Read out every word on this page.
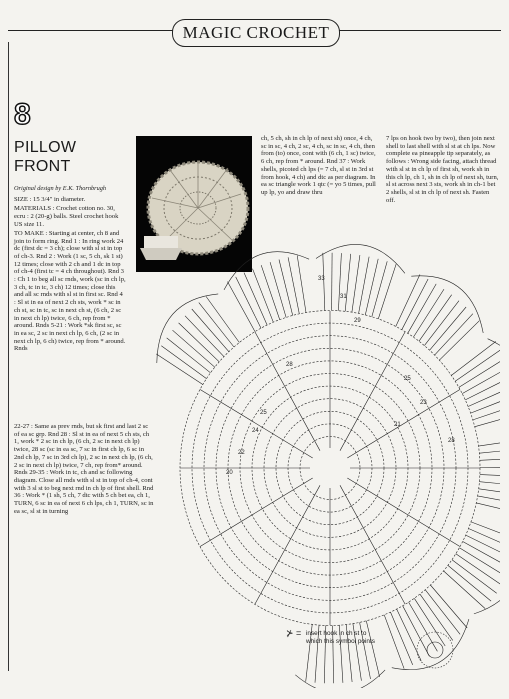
MAGIC CROCHET
8
PILLOW
FRONT
Original design by E.K. Thornbrugh

SIZE : 15 3/4" in diameter.

MATERIALS : Crochet cotton no. 30, ecru : 2 (20-g) balls. Steel crochet hook US size 11.

TO MAKE : Starting at center, ch 8 and join to form ring. Rnd 1 : In ring work 24 dc (first dc = 3 ch); close with sl st in top of ch-3. Rnd 2 : Work (1 sc, 5 ch, sk 1 st) 12 times; close with 2 ch and 1 dc in top of ch-4 (first tc = 4 ch throughout). Rnd 3 : Ch 1 to beg all sc rnds, work (sc in ch lp, 3 ch, tc in tc, 3 ch) 12 times; close this and all sc rnds with sl st in first sc. Rnd 4 : Sl st in ea of next 2 ch sts, work * sc in ch st, sc in tc, sc in next ch st, (6 ch, 2 sc in next ch lp) twice, 6 ch, rep from * around. Rnds 5-21 : Work *sk first sc, sc in ea sc, 2 sc in next ch lp, 6 ch, (2 sc in next ch lp, 6 ch) twice, rep from * around. Rnds

22-27 : Same as prev rnds, but sk first and last 2 sc of ea sc grp. Rnd 28 : Sl st in ea of next 5 ch sts, ch 1, work * 2 sc in ch lp, (6 ch, 2 sc in next ch lp) twice, 28 sc (sc in ea sc, 7 sc in first ch lp, 6 sc in 2nd ch lp, 7 sc in 3rd ch lp), 2 sc in next ch lp, (6 ch, 2 sc in next ch lp) twice, 7 ch, rep from* around. Rnds 29-35 : Work in tc, ch and sc following diagram. Close all rnds with sl st in top of ch-4, cont with 3 sl st to beg next rnd in ch lp of first shell. Rnd 36 : Work * (1 sh, 5 ch, 7 dtc with 5 ch bet ea, ch 1, TURN, 6 sc in ea of next 6 ch lps, ch 1, TURN, sc in ea sc, sl st in turning

ch, 5 ch, sh in ch lp of next sh) once, 4 ch, sc in sc, 4 ch, 2 sc, 4 ch, sc in sc, 4 ch, then from (to) once, cont with (6 ch, 1 sc) twice, 6 ch, rep from * around. Rnd 37 : Work shells, picoted ch lps (= 7 ch, sl st in 3rd st from hook, 4 ch) and dtc as per diagram. In ea sc triangle work 1 qtc (= yo 5 times, pull up lp, yo and draw thru

7 lps on hook two by two), then join next shell to last shell with sl st at ch lps. Now complete ea pineapple tip separately, as follows : Wrong side facing, attach thread with sl st in ch lp of first sh, work sh in this ch lp, ch 1, sh in ch lp of next sh, turn, sl st across next 3 sts, work sh in ch-1 bet 2 shells, sl st in ch lp of next sh. Fasten off.

33
31
29
28
25
23
21
28
25
24
22
20
⊁ = insert hook in ch st to which this symbol points
